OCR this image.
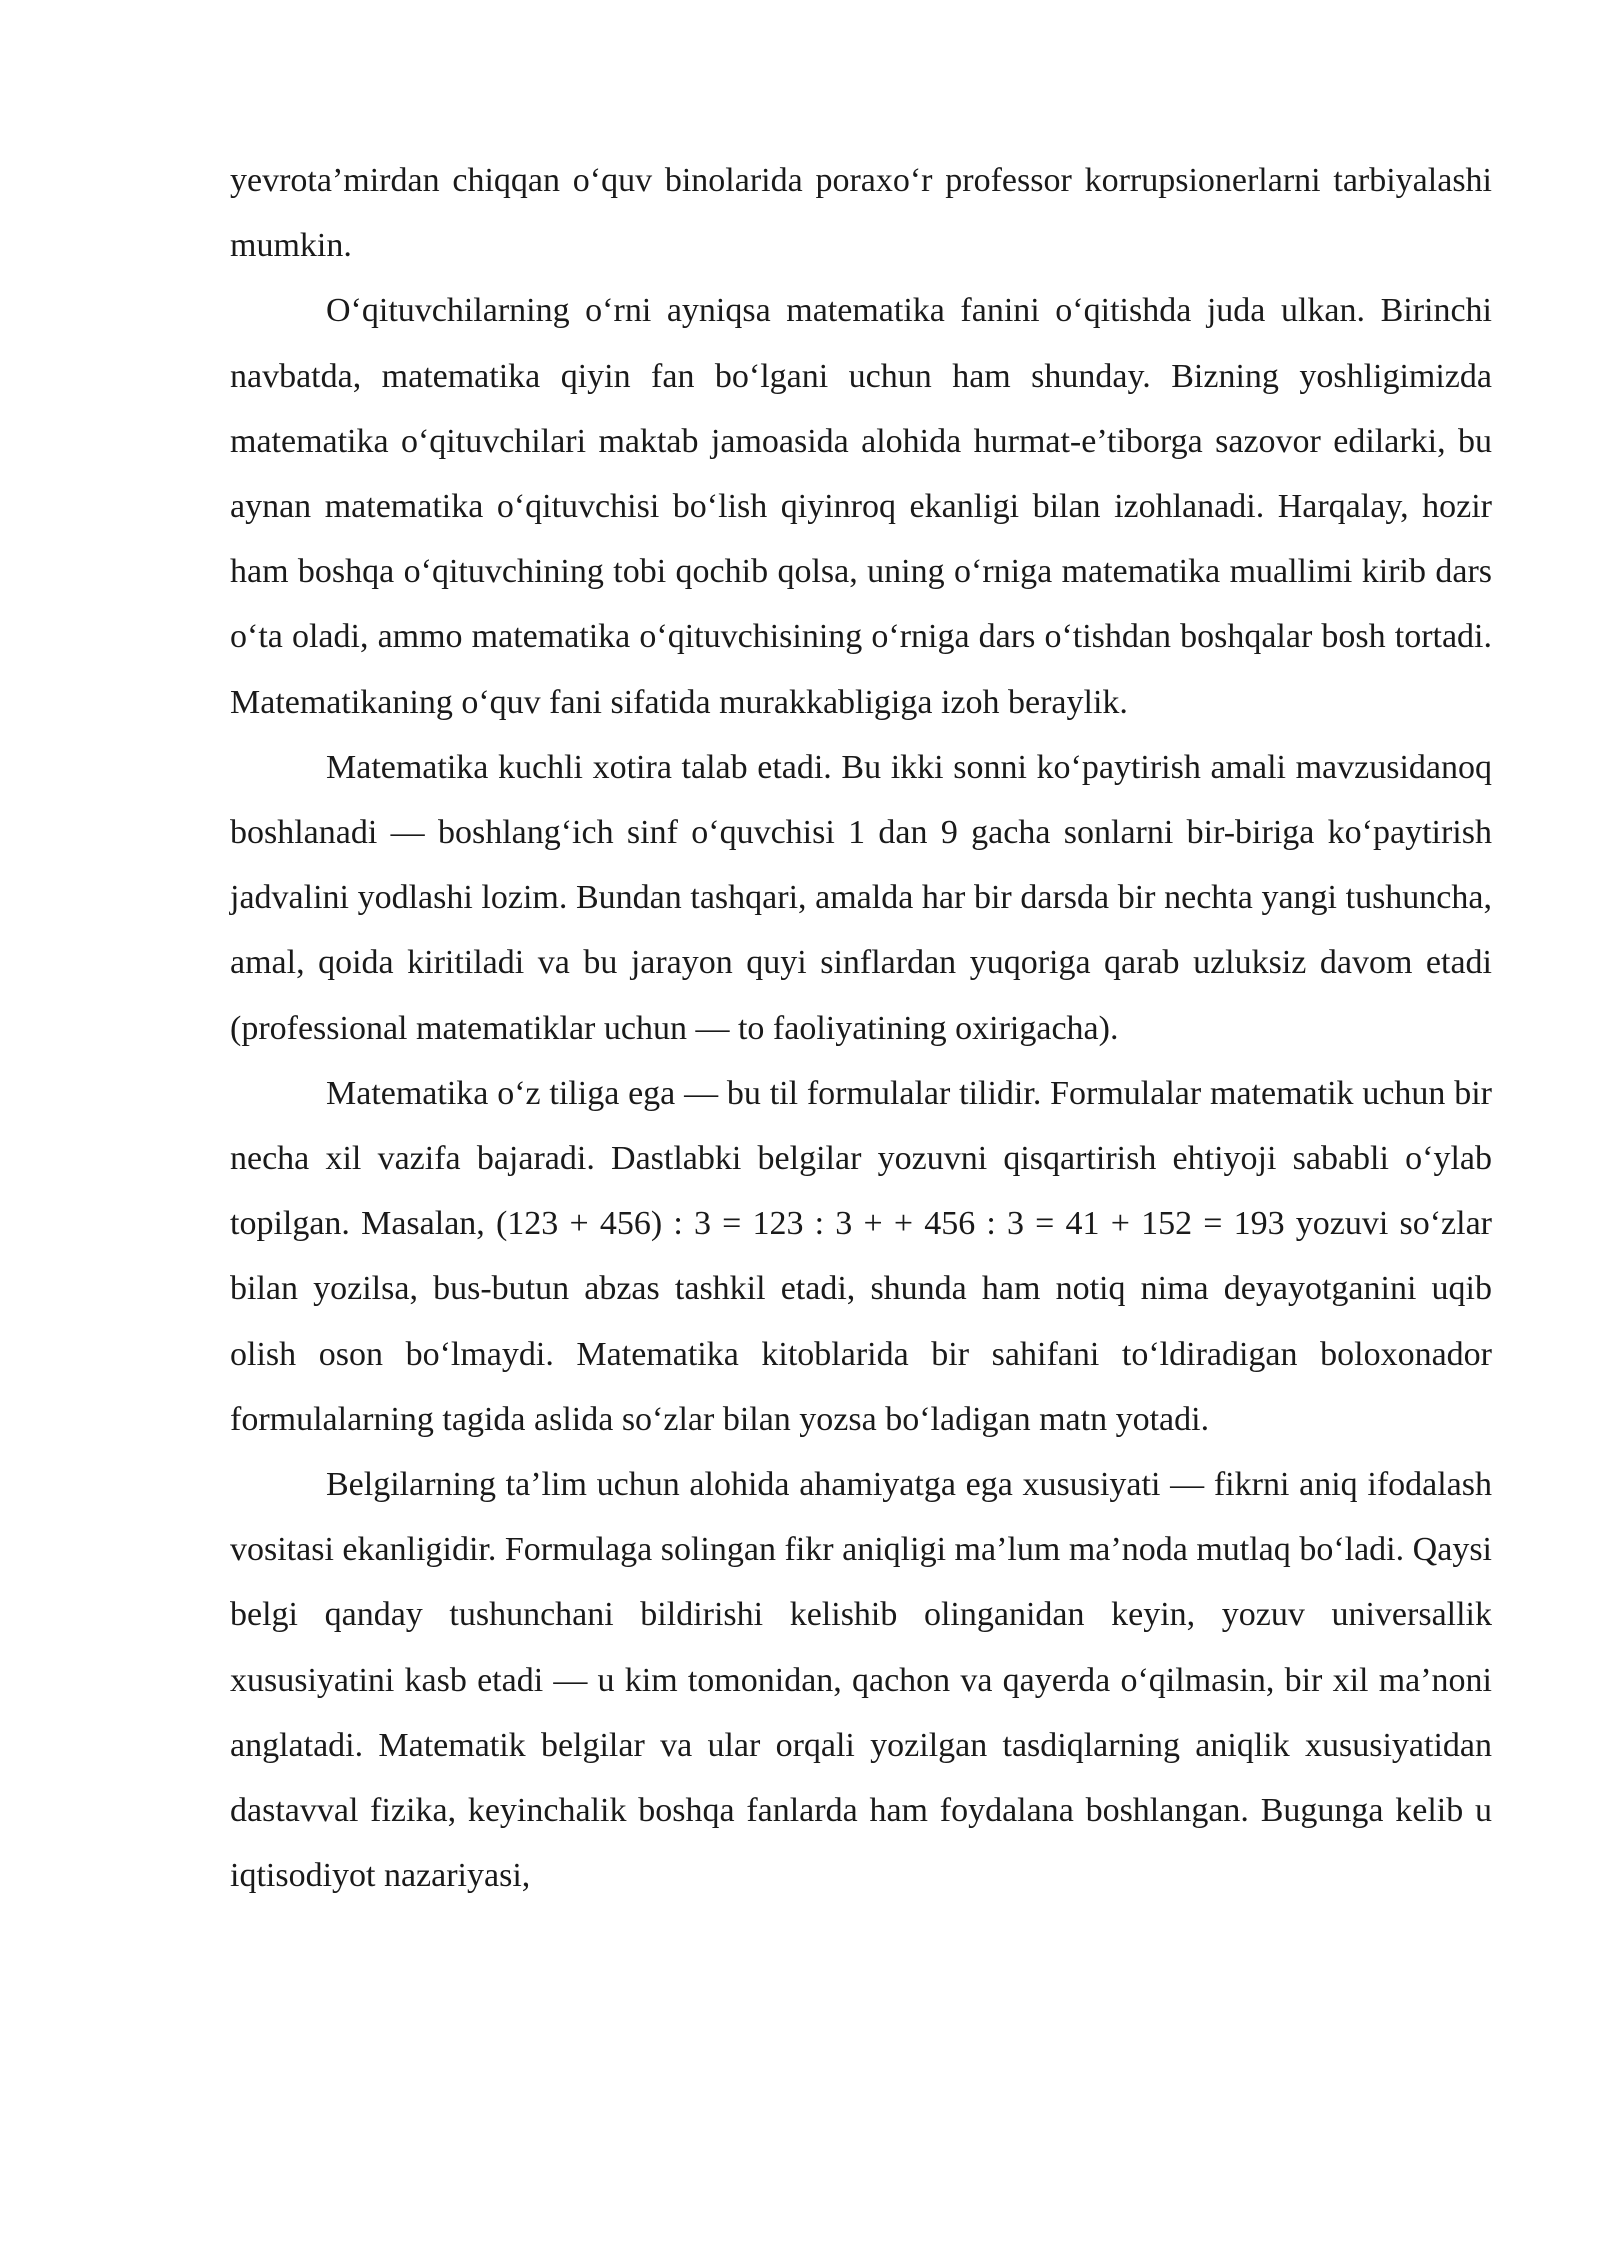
yevrota’mirdan chiqqan o‘quv binolarida poraxo‘r professor korrupsionerlarni tarbiyalashi mumkin.

O‘qituvchilarning o‘rni ayniqsa matematika fanini o‘qitishda juda ulkan. Birinchi navbatda, matematika qiyin fan bo‘lgani uchun ham shunday. Bizning yoshligimizda matematika o‘qituvchilari maktab jamoasida alohida hurmat-e’tiborga sazovor edilarki, bu aynan matematika o‘qituvchisi bo‘lish qiyinroq ekanligi bilan izohlanadi. Harqalay, hozir ham boshqa o‘qituvchining tobi qochib qolsa, uning o‘rniga matematika muallimi kirib dars o‘ta oladi, ammo matematika o‘qituvchisining o‘rniga dars o‘tishdan boshqalar bosh tortadi. Matematikaning o‘quv fani sifatida murakkabligiga izoh beraylik.

Matematika kuchli xotira talab etadi. Bu ikki sonni ko‘paytirish amali mavzusidanoq boshlanadi — boshlang‘ich sinf o‘quvchisi 1 dan 9 gacha sonlarni bir-biriga ko‘paytirish jadvalini yodlashi lozim. Bundan tashqari, amalda har bir darsda bir nechta yangi tushuncha, amal, qoida kiritiladi va bu jarayon quyi sinflardan yuqoriga qarab uzluksiz davom etadi (professional matematiklar uchun — to faoliyatining oxirigacha).

Matematika o‘z tiliga ega — bu til formulalar tilidir. Formulalar matematik uchun bir necha xil vazifa bajaradi. Dastlabki belgilar yozuvni qisqartirish ehtiyoji sababli o‘ylab topilgan. Masalan, (123 + 456) : 3 = 123 : 3 + + 456 : 3 = 41 + 152 = 193 yozuvi so‘zlar bilan yozilsa, bus-butun abzas tashkil etadi, shunda ham notiq nima deyayotganini uqib olish oson bo‘lmaydi. Matematika kitoblarida bir sahifani to‘ldiradigan boloxonador formulalarning tagida aslida so‘zlar bilan yozsa bo‘ladigan matn yotadi.

Belgilarning ta’lim uchun alohida ahamiyatga ega xususiyati — fikrni aniq ifodalash vositasi ekanligidir. Formulaga solingan fikr aniqligi ma’lum ma’noda mutlaq bo‘ladi. Qaysi belgi qanday tushunchani bildirishi kelishib olinganidan keyin, yozuv universallik xususiyatini kasb etadi — u kim tomonidan, qachon va qayerda o‘qilmasin, bir xil ma’noni anglatadi. Matematik belgilar va ular orqali yozilgan tasdiqlarning aniqlik xususiyatidan dastavval fizika, keyinchalik boshqa fanlarda ham foydalana boshlangan. Bugunga kelib u iqtisodiyot nazariyasi,
